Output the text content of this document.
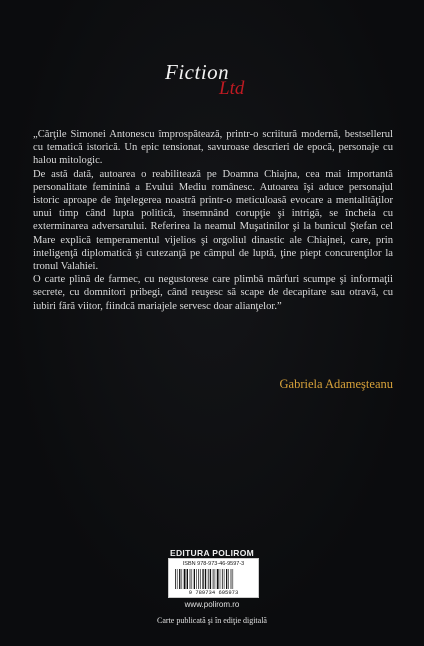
Fiction
Ltd

„Cărţile Simonei Antonescu împrospătează, printr-o scriitură modernă, bestsellerul cu tematică istorică. Un epic tensionat, savuroase descrieri de epocă, personaje cu halou mitologic.

De astă dată, autoarea o reabilitează pe Doamna Chiajna, cea mai importantă personalitate feminină a Evului Mediu românesc. Autoarea îşi aduce personajul istoric aproape de înţelegerea noastră printr-o meticuloasă evocare a mentalităţilor unui timp când lupta politică, însemnând corupţie şi intrigă, se încheia cu exterminarea adversarului. Referirea la neamul Muşatinilor şi la bunicul Ştefan cel Mare explică temperamentul vijelios şi orgoliul dinastic ale Chiajnei, care, prin inteligenţă diplomatică şi cutezanţă pe câmpul de luptă, ţine piept concurenţilor la tronul Valahiei.

O carte plină de farmec, cu negustorese care plimbă mărfuri scumpe şi informaţii secrete, cu domnitori pribegi, când reuşesc să scape de decapitare sau otravă, cu iubiri fără viitor, fiindcă mariajele servesc doar alianţelor.”

Gabriela Adameşteanu
EDITURA POLIROM
ISBN 978-973-46-9597-3
9 789734 695973
www.polirom.ro
Carte publicată şi în ediţie digitală
